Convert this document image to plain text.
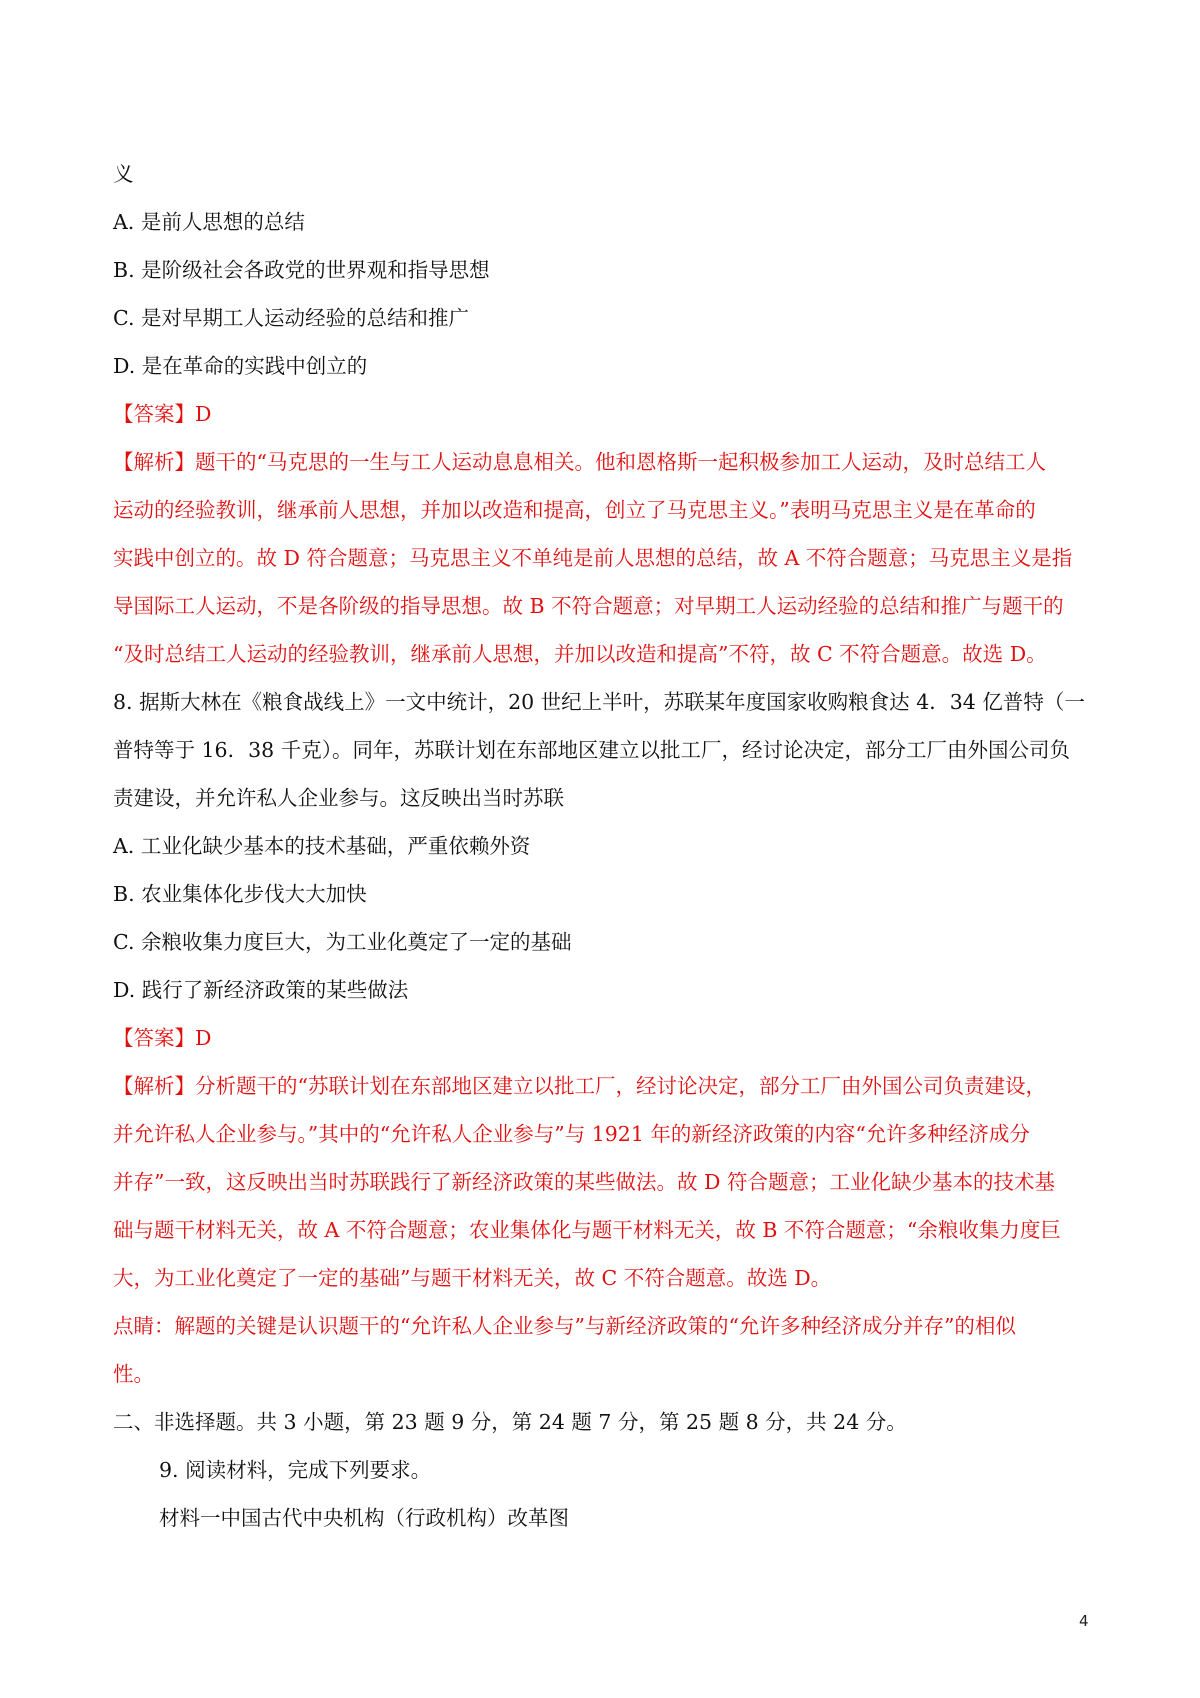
义
A. 是前人思想的总结
B. 是阶级社会各政党的世界观和指导思想
C. 是对早期工人运动经验的总结和推广
D. 是在革命的实践中创立的
【答案】D
【解析】题干的“马克思的一生与工人运动息息相关。他和恩格斯一起积极参加工人运动，及时总结工人
运动的经验教训，继承前人思想，并加以改造和提高，创立了马克思主义。”表明马克思主义是在革命的
实践中创立的。故 D 符合题意；马克思主义不单纯是前人思想的总结，故 A 不符合题意；马克思主义是指
导国际工人运动，不是各阶级的指导思想。故 B 不符合题意；对早期工人运动经验的总结和推广与题干的
“及时总结工人运动的经验教训，继承前人思想，并加以改造和提高”不符，故 C 不符合题意。故选 D。
8. 据斯大林在《粮食战线上》一文中统计，20 世纪上半叶，苏联某年度国家收购粮食达 4．34 亿普特（一
普特等于 16．38 千克）。同年，苏联计划在东部地区建立以批工厂，经讨论决定，部分工厂由外国公司负
责建设，并允许私人企业参与。这反映出当时苏联
A. 工业化缺少基本的技术基础，严重依赖外资
B. 农业集体化步伐大大加快
C. 余粮收集力度巨大，为工业化奠定了一定的基础
D. 践行了新经济政策的某些做法
【答案】D
【解析】分析题干的“苏联计划在东部地区建立以批工厂，经讨论决定，部分工厂由外国公司负责建设，
并允许私人企业参与。”其中的“允许私人企业参与”与 1921 年的新经济政策的内容“允许多种经济成分
并存”一致，这反映出当时苏联践行了新经济政策的某些做法。故 D 符合题意；工业化缺少基本的技术基
础与题干材料无关，故 A 不符合题意；农业集体化与题干材料无关，故 B 不符合题意；“余粮收集力度巨
大，为工业化奠定了一定的基础”与题干材料无关，故 C 不符合题意。故选 D。
点睛：解题的关键是认识题干的“允许私人企业参与”与新经济政策的“允许多种经济成分并存”的相似
性。
二、非选择题。共 3 小题，第 23 题 9 分，第 24 题 7 分，第 25 题 8 分，共 24 分。
9. 阅读材料，完成下列要求。
材料一中国古代中央机构（行政机构）改革图
4
